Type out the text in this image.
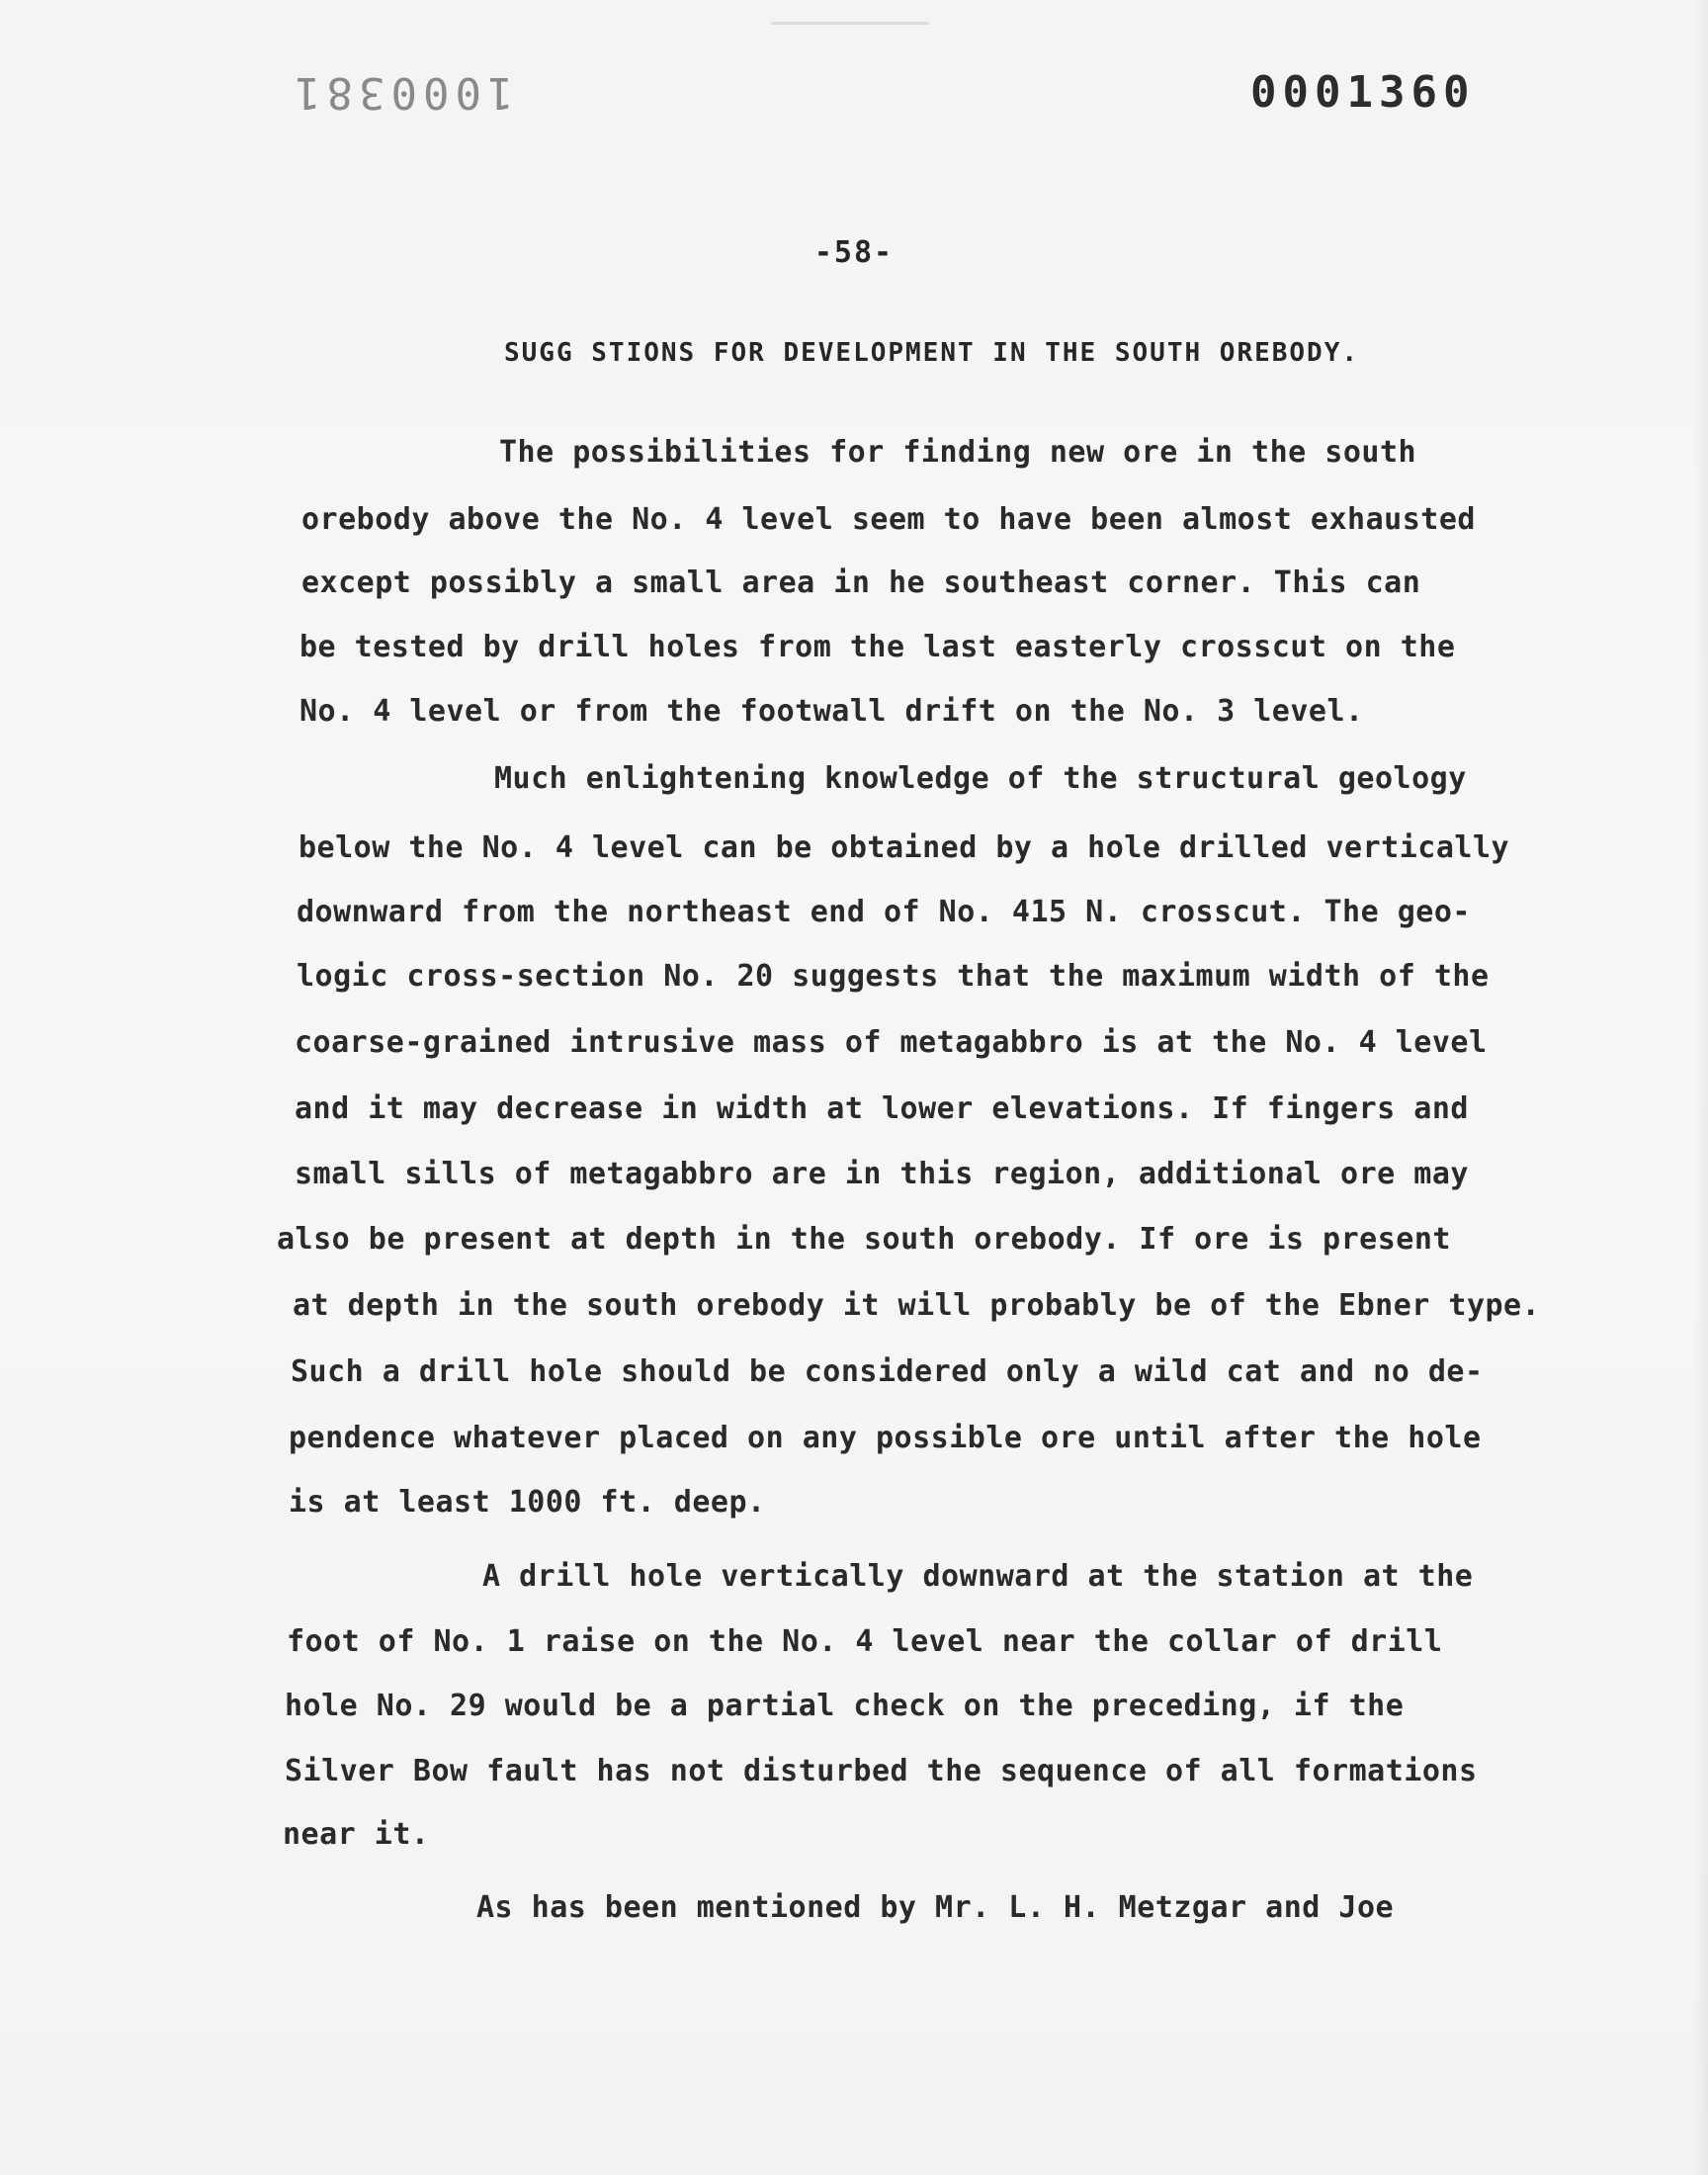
1000381	0001360
-58-
SUGG STIONS FOR DEVELOPMENT IN THE SOUTH OREBODY.
The possibilities for finding new ore in the south
orebody above the No. 4 level seem to have been almost exhausted
except possibly a small area in he southeast corner. This can
be tested by drill holes from the last easterly crosscut on the
No. 4 level or from the footwall drift on the No. 3 level.
Much enlightening knowledge of the structural geology
below the No. 4 level can be obtained by a hole drilled vertically
downward from the northeast end of No. 415 N. crosscut. The geo-
logic cross-section No. 20 suggests that the maximum width of the
coarse-grained intrusive mass of metagabbro is at the No. 4 level
and it may decrease in width at lower elevations. If fingers and
small sills of metagabbro are in this region, additional ore may
also be present at depth in the south orebody. If ore is present
at depth in the south orebody it will probably be of the Ebner type.
Such a drill hole should be considered only a wild cat and no de-
pendence whatever placed on any possible ore until after the hole
is at least 1000 ft. deep.
A drill hole vertically downward at the station at the
foot of No. 1 raise on the No. 4 level near the collar of drill
hole No. 29 would be a partial check on the preceding, if the
Silver Bow fault has not disturbed the sequence of all formations
near it.
As has been mentioned by Mr. L. H. Metzgar and Joe
